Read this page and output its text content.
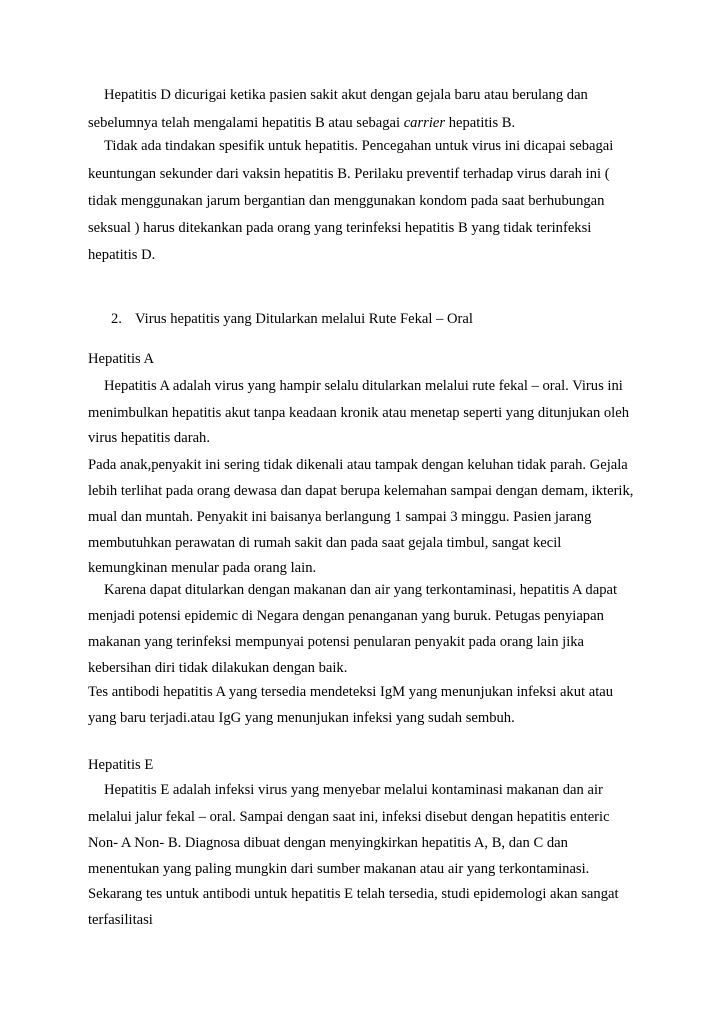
Hepatitis D dicurigai ketika pasien sakit akut dengan gejala baru atau berulang dan
sebelumnya telah mengalami hepatitis B atau sebagai carrier hepatitis B.
Tidak ada tindakan spesifik untuk hepatitis. Pencegahan untuk virus ini dicapai sebagai
keuntungan sekunder dari vaksin hepatitis B. Perilaku preventif terhadap virus darah ini (
tidak menggunakan jarum bergantian dan menggunakan kondom pada saat berhubungan
seksual ) harus ditekankan pada orang yang terinfeksi hepatitis B yang tidak terinfeksi
hepatitis D.
2. Virus hepatitis yang Ditularkan melalui Rute Fekal – Oral
Hepatitis A
Hepatitis A adalah virus yang hampir selalu ditularkan melalui rute fekal – oral. Virus ini
menimbulkan hepatitis akut tanpa keadaan kronik atau menetap seperti yang ditunjukan oleh
virus hepatitis darah.
Pada anak,penyakit ini sering tidak dikenali atau tampak dengan keluhan tidak parah. Gejala
lebih terlihat pada orang dewasa dan dapat berupa kelemahan sampai dengan demam, ikterik,
mual dan muntah. Penyakit ini baisanya berlangung 1 sampai 3 minggu. Pasien jarang
membutuhkan perawatan di rumah sakit dan pada saat gejala timbul, sangat kecil
kemungkinan menular pada orang lain.
Karena dapat ditularkan dengan makanan dan air yang terkontaminasi, hepatitis A dapat
menjadi potensi epidemic di Negara dengan penanganan yang buruk. Petugas penyiapan
makanan yang terinfeksi mempunyai potensi penularan penyakit pada orang lain jika
kebersihan diri tidak dilakukan dengan baik.
Tes antibodi hepatitis A yang tersedia mendeteksi IgM yang menunjukan infeksi akut atau
yang baru terjadi.atau IgG yang menunjukan infeksi yang sudah sembuh.
Hepatitis E
Hepatitis E adalah infeksi virus yang menyebar melalui kontaminasi makanan dan air
melalui jalur fekal – oral. Sampai dengan saat ini, infeksi disebut dengan hepatitis enteric
Non- A Non- B. Diagnosa dibuat dengan menyingkirkan hepatitis A, B, dan C dan
menentukan yang paling mungkin dari sumber makanan atau air yang terkontaminasi.
Sekarang tes untuk antibodi untuk hepatitis E telah tersedia, studi epidemologi akan sangat
terfasilitasi
